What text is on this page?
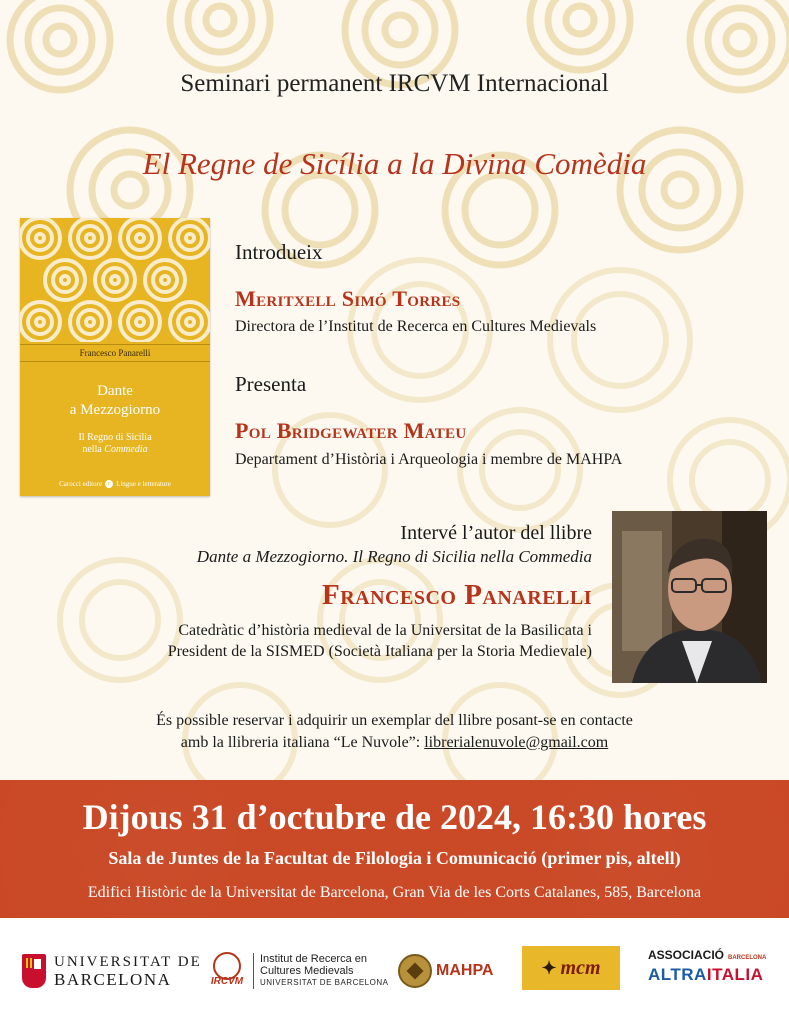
Seminari permanent IRCVM Internacional
El Regne de Sicília a la Divina Comèdia
Francesco Panarelli
Dante
a Mezzogiorno
Il Regno di Sicilia
nella Commedia
Carocci editore c Lingue e letterature
Introdueix
Meritxell Simó Torres
Directora de l’Institut de Recerca en Cultures Medievals
Presenta
Pol Bridgewater Mateu
Departament d’Història i Arqueologia i membre de MAHPA
Intervé l’autor del llibre
Dante a Mezzogiorno. Il Regno di Sicilia nella Commedia
Francesco Panarelli
Catedràtic d’història medieval de la Universitat de la Basilicata i
President de la SISMED (Società Italiana per la Storia Medievale)
És possible reservar i adquirir un exemplar del llibre posant-se en contacte
amb la llibreria italiana “Le Nuvole”: librerialenuvole@gmail.com
Dijous 31 d’octubre de 2024, 16:30 hores
Sala de Juntes de la Facultat de Filologia i Comunicació (primer pis, altell)
Edifici Històric de la Universitat de Barcelona, Gran Via de les Corts Catalanes, 585, Barcelona
UNIVERSITAT DE
BARCELONA	IRCVM
Institut de Recerca en
Cultures Medievals
UNIVERSITAT DE BARCELONA
MAHPA	✦ mcm
ASSOCIACIÓ BARCELONA
ALTRAITALIA
